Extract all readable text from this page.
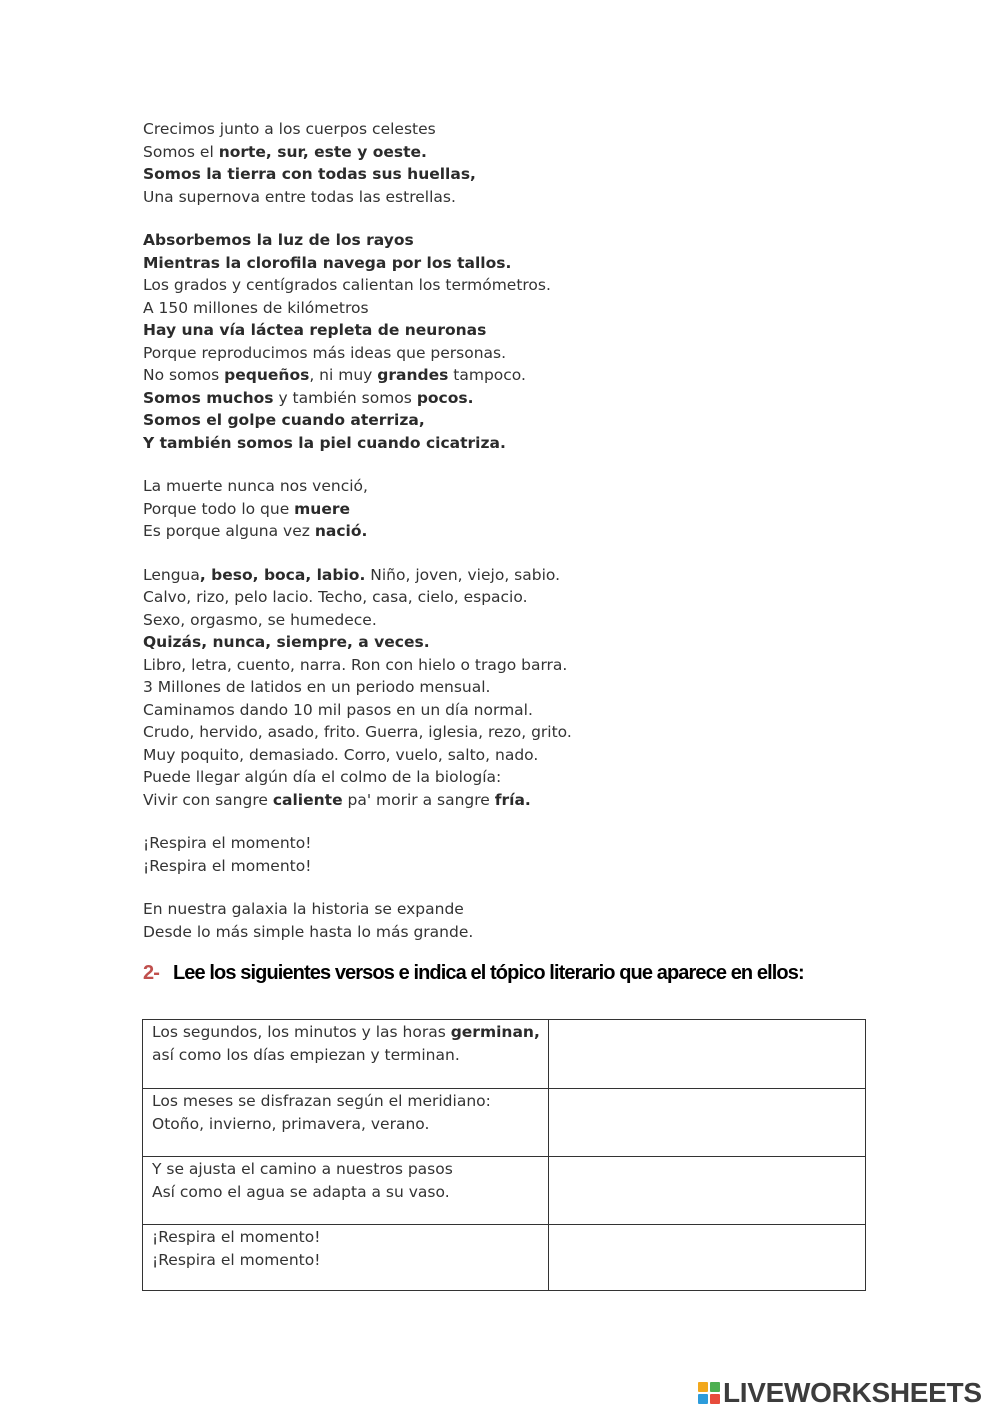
Crecimos junto a los cuerpos celestes
Somos el norte, sur, este y oeste.
Somos la tierra con todas sus huellas,
Una supernova entre todas las estrellas.
Absorbemos la luz de los rayos
Mientras la clorofila navega por los tallos.
Los grados y centígrados calientan los termómetros.
A 150 millones de kilómetros
Hay una vía láctea repleta de neuronas
Porque reproducimos más ideas que personas.
No somos pequeños, ni muy grandes tampoco.
Somos muchos y también somos pocos.
Somos el golpe cuando aterriza,
Y también somos la piel cuando cicatriza.
La muerte nunca nos venció,
Porque todo lo que muere
Es porque alguna vez nació.
Lengua, beso, boca, labio. Niño, joven, viejo, sabio.
Calvo, rizo, pelo lacio. Techo, casa, cielo, espacio.
Sexo, orgasmo, se humedece.
Quizás, nunca, siempre, a veces.
Libro, letra, cuento, narra. Ron con hielo o trago barra.
3 Millones de latidos en un periodo mensual.
Caminamos dando 10 mil pasos en un día normal.
Crudo, hervido, asado, frito. Guerra, iglesia, rezo, grito.
Muy poquito, demasiado. Corro, vuelo, salto, nado.
Puede llegar algún día el colmo de la biología:
Vivir con sangre caliente pa' morir a sangre fría.
¡Respira el momento!
¡Respira el momento!
En nuestra galaxia la historia se expande
Desde lo más simple hasta lo más grande.
2- Lee los siguientes versos e indica el tópico literario que aparece en ellos:
Los segundos, los minutos y las horas germinan,
así como los días empiezan y terminan.	

Los meses se disfrazan según el meridiano:
Otoño, invierno, primavera, verano.	

Y se ajusta el camino a nuestros pasos
Así como el agua se adapta a su vaso.	

¡Respira el momento!
¡Respira el momento!	

LIVEWORKSHEETS
